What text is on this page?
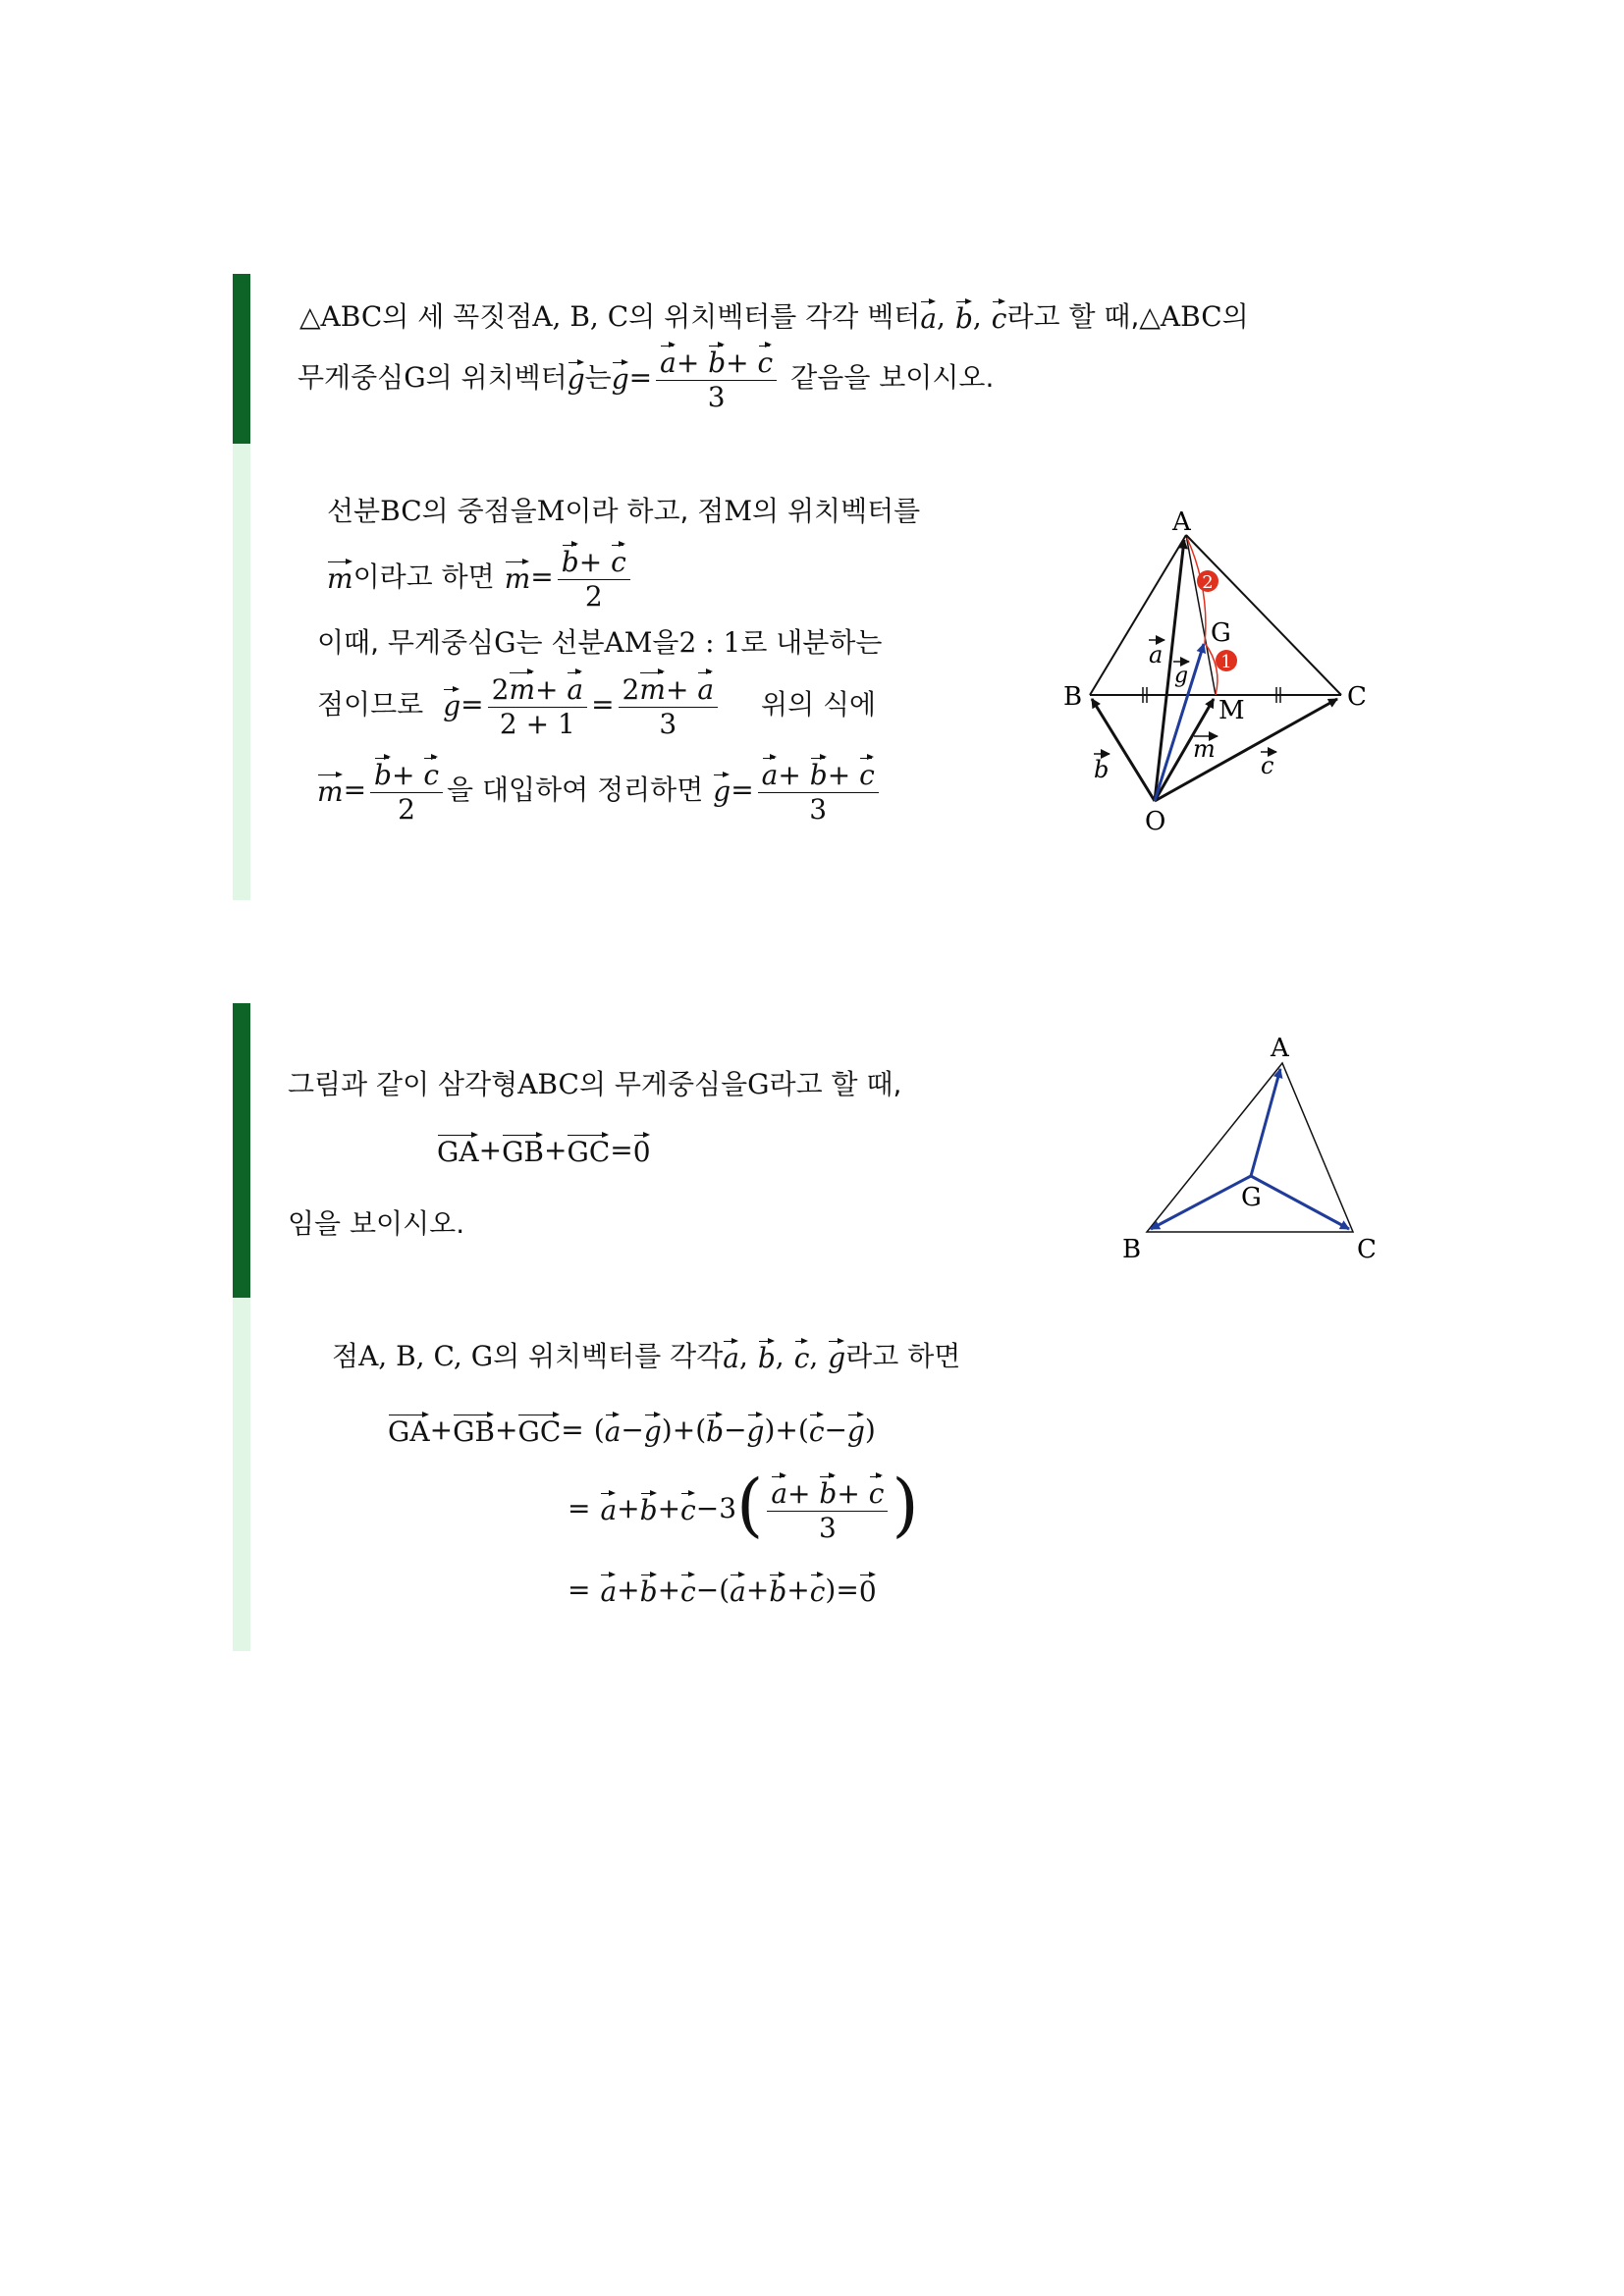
△ABC 의 세 꼭짓점 A, B, C 의 위치벡터를 각각 벡터 a , b , c 라고 할 때, △ABC 의
무게중심 G 의 위치벡터 g 는 $g = \frac{a+ b+ c}{3}$ 같음을 보이시오.
선분 BC 의 중점을 M 이라 하고, 점 M 의 위치벡터를
m 이라고 하면 $m = \frac{b+ c}{2}$
이때, 무게중심 G 는 선분 AM 을 2 : 1 로 내분하는
점이므로 $g = \frac{2m+ a}{2 + 1} = \frac{2m+ a}{3}$ 위의 식에
$m = \frac{b+ c}{2}$ 을 대입하여 정리하면 $g = \frac{a+ b+ c}{3}$
2
1
A
B	C
M
G
O
a
g
m
b	c
그림과 같이 삼각형 ABC 의 무게중심을 G 라고 할 때,
GA + GB + GC = 0
임을 보이시오.
A
B	C
G
점 A, B, C, G 의 위치벡터를 각각 a , b , c , g 라고 하면
GA + GB + GC = ( a − g ) + ( b − g ) + ( c − g )
= a + b + c − 3 ( $\frac{a+ b+ c}{3}$ )
= a + b + c − ( a + b + c ) = 0
